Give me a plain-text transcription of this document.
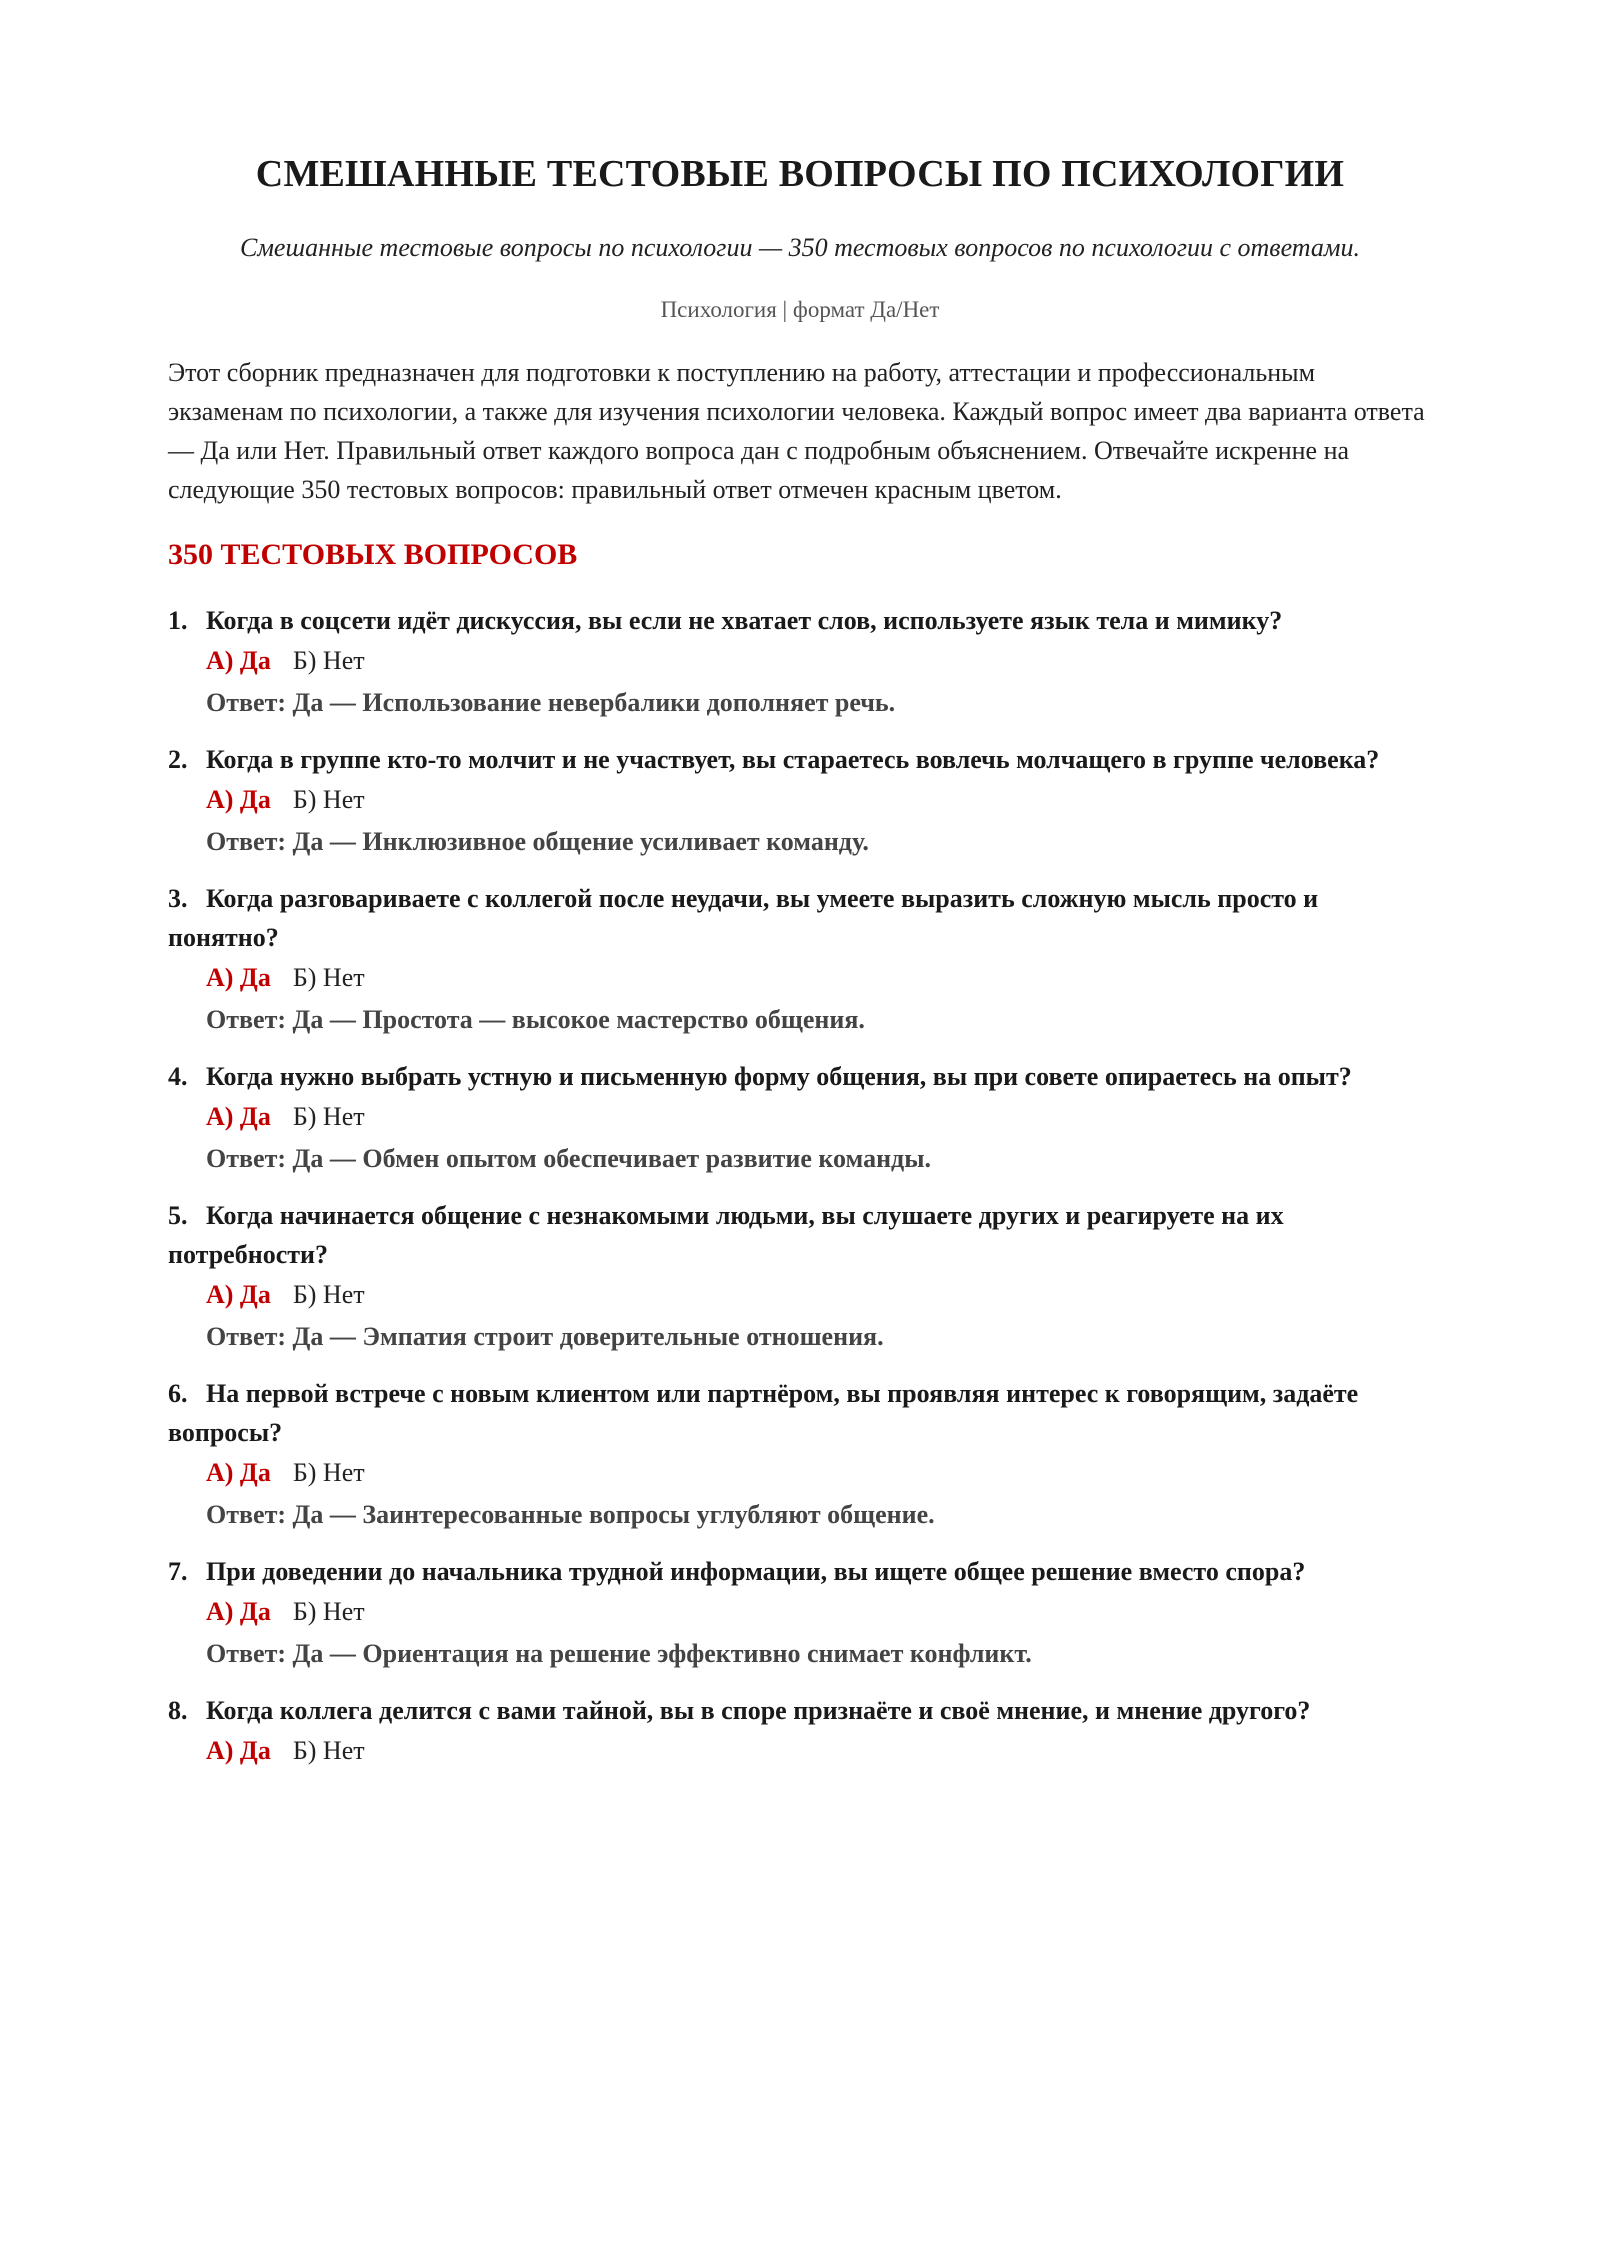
СМЕШАННЫЕ ТЕСТОВЫЕ ВОПРОСЫ ПО ПСИХОЛОГИИ
Смешанные тестовые вопросы по психологии — 350 тестовых вопросов по психологии с ответами.
Психология | формат Да/Нет
Этот сборник предназначен для подготовки к поступлению на работу, аттестации и профессиональным экзаменам по психологии, а также для изучения психологии человека. Каждый вопрос имеет два варианта ответа — Да или Нет. Правильный ответ каждого вопроса дан с подробным объяснением. Отвечайте искренне на следующие 350 тестовых вопросов: правильный ответ отмечен красным цветом.
350 ТЕСТОВЫХ ВОПРОСОВ
1. Когда в соцсети идёт дискуссия, вы если не хватает слов, используете язык тела и мимику?
А) Да Б) Нет
Ответ: Да — Использование невербалики дополняет речь.
2. Когда в группе кто-то молчит и не участвует, вы стараетесь вовлечь молчащего в группе человека?
А) Да Б) Нет
Ответ: Да — Инклюзивное общение усиливает команду.
3. Когда разговариваете с коллегой после неудачи, вы умеете выразить сложную мысль просто и понятно?
А) Да Б) Нет
Ответ: Да — Простота — высокое мастерство общения.
4. Когда нужно выбрать устную и письменную форму общения, вы при совете опираетесь на опыт?
А) Да Б) Нет
Ответ: Да — Обмен опытом обеспечивает развитие команды.
5. Когда начинается общение с незнакомыми людьми, вы слушаете других и реагируете на их потребности?
А) Да Б) Нет
Ответ: Да — Эмпатия строит доверительные отношения.
6. На первой встрече с новым клиентом или партнёром, вы проявляя интерес к говорящим, задаёте вопросы?
А) Да Б) Нет
Ответ: Да — Заинтересованные вопросы углубляют общение.
7. При доведении до начальника трудной информации, вы ищете общее решение вместо спора?
А) Да Б) Нет
Ответ: Да — Ориентация на решение эффективно снимает конфликт.
8. Когда коллега делится с вами тайной, вы в споре признаёте и своё мнение, и мнение другого?
А) Да Б) Нет
